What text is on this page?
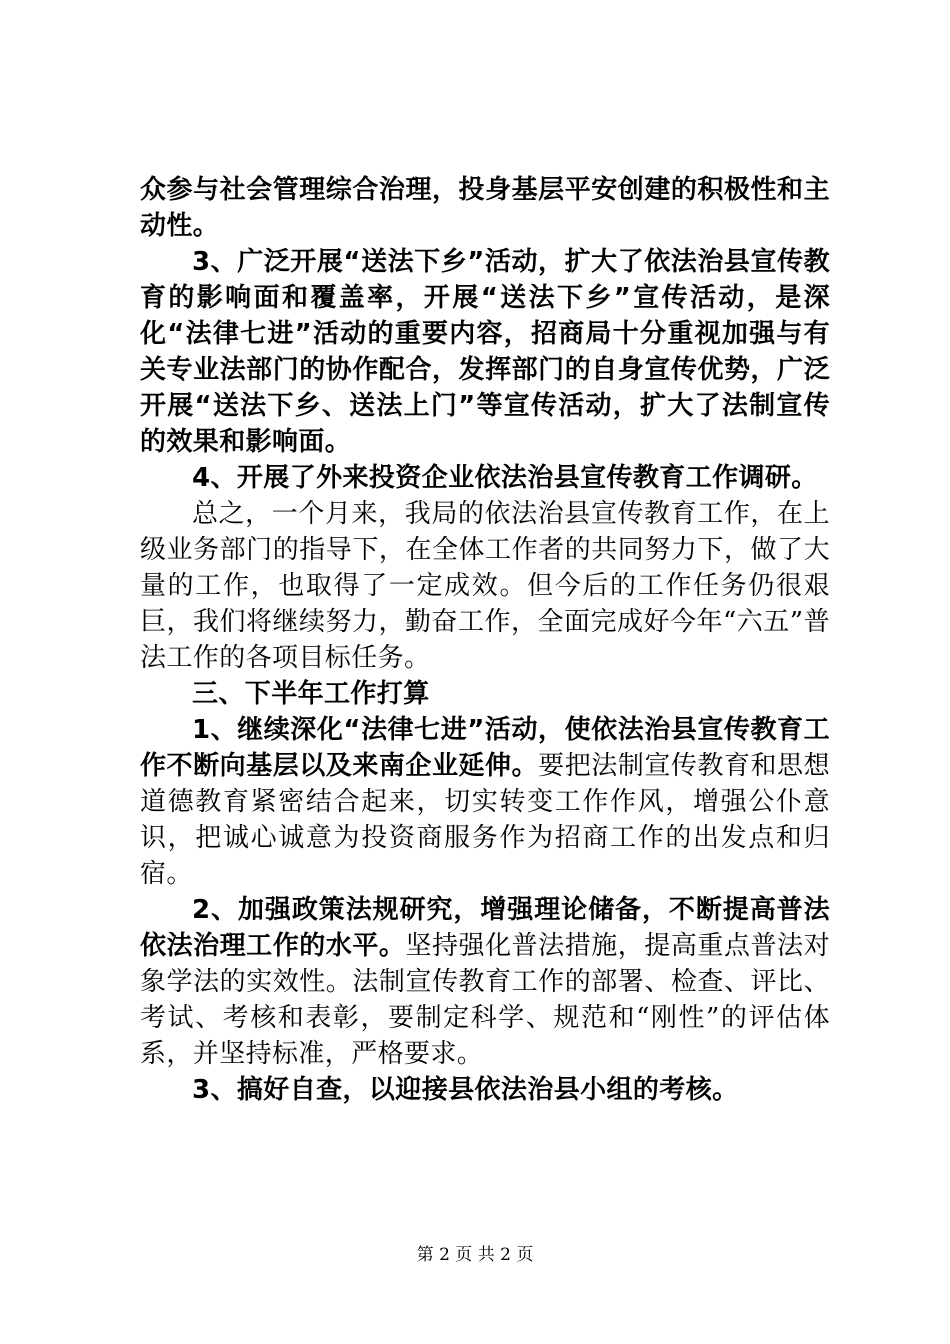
众参与社会管理综合治理，投身基层平安创建的积极性和主动性。

3、广泛开展“送法下乡”活动，扩大了依法治县宣传教育的影响面和覆盖率，开展“送法下乡”宣传活动，是深化“法律七进”活动的重要内容，招商局十分重视加强与有关专业法部门的协作配合，发挥部门的自身宣传优势，广泛开展“送法下乡、送法上门”等宣传活动，扩大了法制宣传的效果和影响面。

4、开展了外来投资企业依法治县宣传教育工作调研。

总之，一个月来，我局的依法治县宣传教育工作，在上级业务部门的指导下，在全体工作者的共同努力下，做了大量的工作，也取得了一定成效。但今后的工作任务仍很艰巨，我们将继续努力，勤奋工作，全面完成好今年“六五”普法工作的各项目标任务。

三、下半年工作打算

1、继续深化“法律七进”活动，使依法治县宣传教育工作不断向基层以及来南企业延伸。要把法制宣传教育和思想道德教育紧密结合起来，切实转变工作作风，增强公仆意识，把诚心诚意为投资商服务作为招商工作的出发点和归宿。

2、加强政策法规研究，增强理论储备，不断提高普法依法治理工作的水平。坚持强化普法措施，提高重点普法对象学法的实效性。法制宣传教育工作的部署、检查、评比、考试、考核和表彰，要制定科学、规范和“刚性”的评估体系，并坚持标准，严格要求。

3、搞好自查，以迎接县依法治县小组的考核。

第 2 页 共 2 页
